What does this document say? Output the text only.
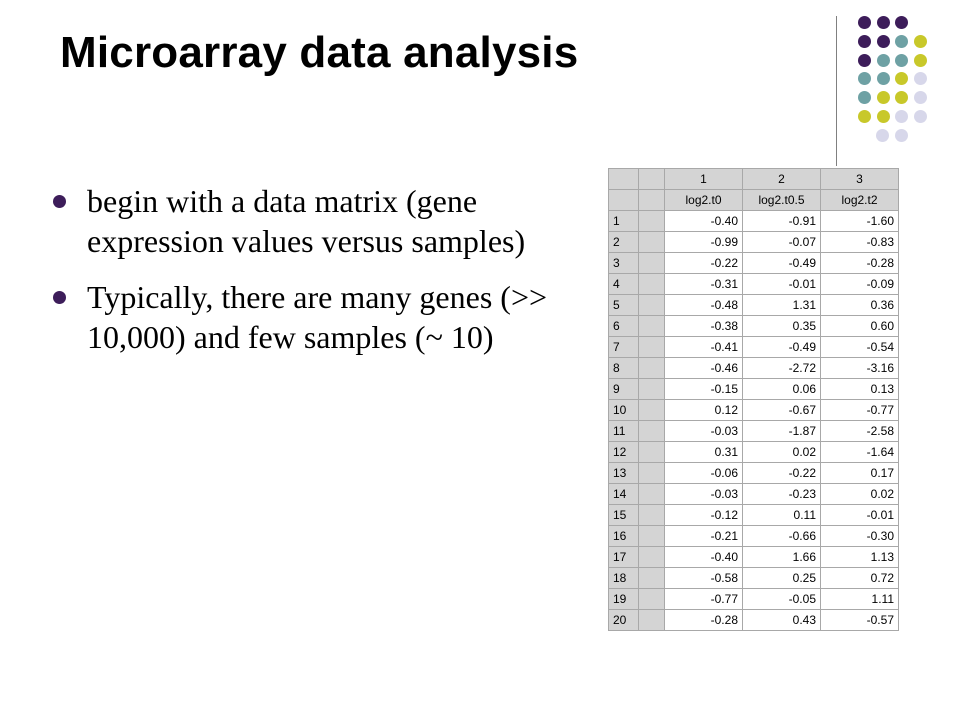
Microarray data analysis
begin with a data matrix (gene expression values versus samples)
Typically, there are many genes (>> 10,000) and few samples (~ 10)
		1	2	3
		log2.t0	log2.t0.5	log2.t2
1		-0.40	-0.91	-1.60
2		-0.99	-0.07	-0.83
3		-0.22	-0.49	-0.28
4		-0.31	-0.01	-0.09
5		-0.48	1.31	0.36
6		-0.38	0.35	0.60
7		-0.41	-0.49	-0.54
8		-0.46	-2.72	-3.16
9		-0.15	0.06	0.13
10		0.12	-0.67	-0.77
11		-0.03	-1.87	-2.58
12		0.31	0.02	-1.64
13		-0.06	-0.22	0.17
14		-0.03	-0.23	0.02
15		-0.12	0.11	-0.01
16		-0.21	-0.66	-0.30
17		-0.40	1.66	1.13
18		-0.58	0.25	0.72
19		-0.77	-0.05	1.11
20		-0.28	0.43	-0.57
